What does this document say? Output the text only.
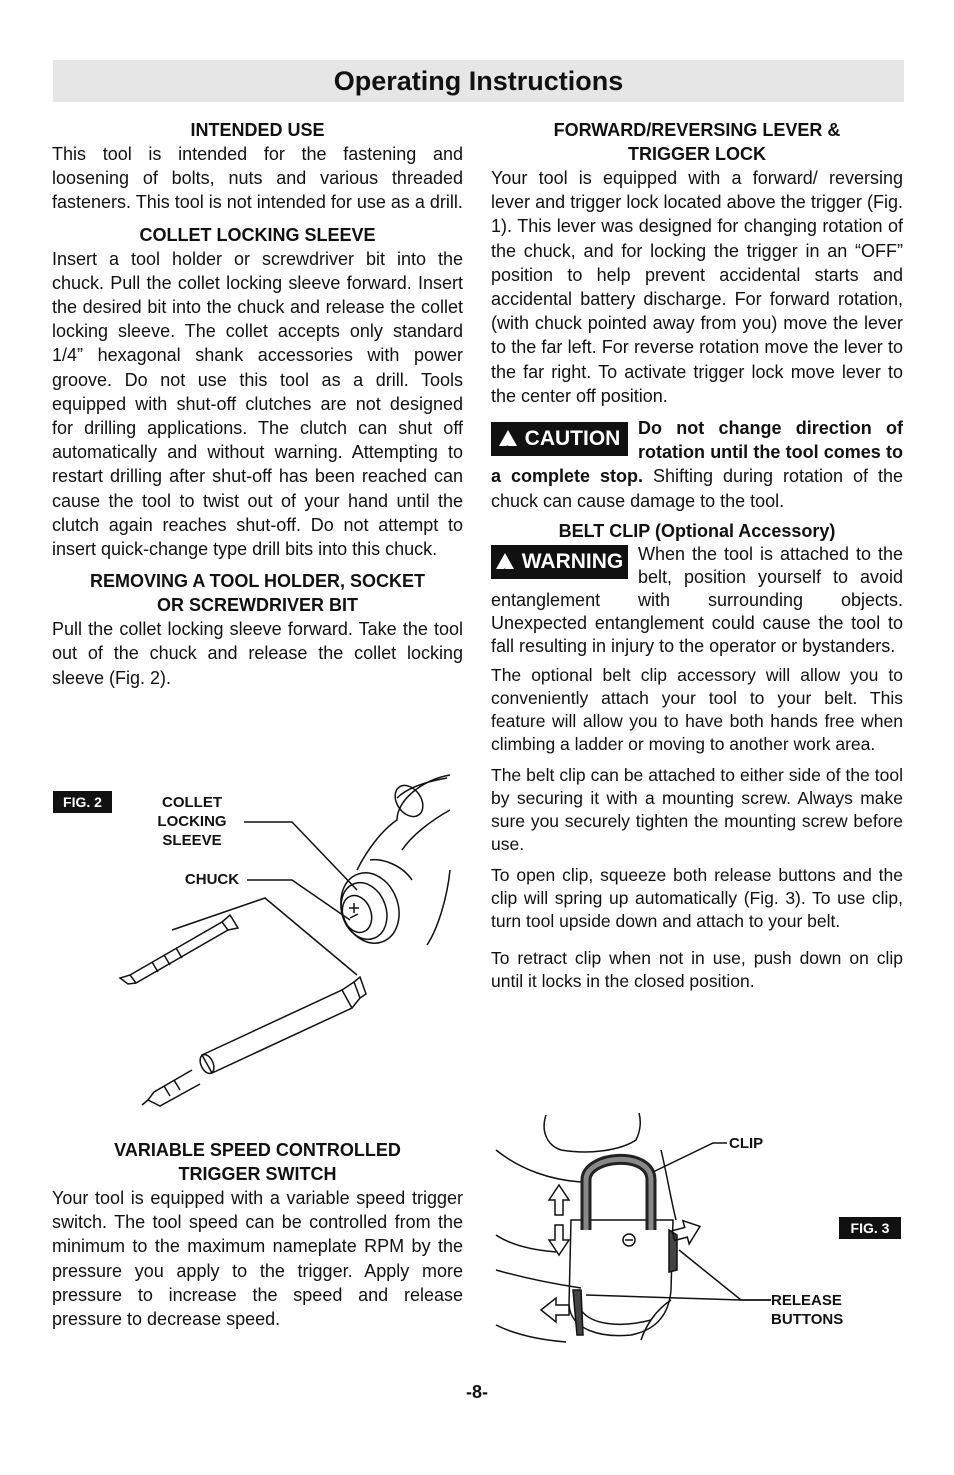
Operating Instructions
INTENDED USE

This tool is intended for the fastening and loosening of bolts, nuts and various threaded fasteners. This tool is not intended for use as a drill.

COLLET LOCKING SLEEVE

Insert a tool holder or screwdriver bit into the chuck. Pull the collet locking sleeve forward. Insert the desired bit into the chuck and release the collet locking sleeve. The collet accepts only standard 1/4” hexagonal shank accessories with power groove. Do not use this tool as a drill. Tools equipped with shut-off clutches are not designed for drilling applications. The clutch can shut off automatically and without warning. Attempting to restart drilling after shut-off has been reached can cause the tool to twist out of your hand until the clutch again reaches shut-off. Do not attempt to insert quick-change type drill bits into this chuck.

REMOVING A TOOL HOLDER, SOCKET
OR SCREWDRIVER BIT

Pull the collet locking sleeve forward. Take the tool out of the chuck and release the collet locking sleeve (Fig. 2).

FIG. 2	COLLET
LOCKING
SLEEVE
CHUCK
VARIABLE SPEED CONTROLLED
TRIGGER SWITCH

Your tool is equipped with a variable speed trigger switch. The tool speed can be controlled from the minimum to the maximum nameplate RPM by the pressure you apply to the trigger. Apply more pressure to increase the speed and release pressure to decrease speed.

FORWARD/REVERSING LEVER &
TRIGGER LOCK

Your tool is equipped with a forward/ reversing lever and trigger lock located above the trigger (Fig. 1). This lever was designed for changing rotation of the chuck, and for locking the trigger in an “OFF” position to help prevent accidental starts and accidental battery discharge. For forward rotation, (with chuck pointed away from you) move the lever to the far left. For reverse rotation move the lever to the far right. To activate trigger lock move lever to the center off position.

! CAUTION Do not change direction of rotation until the tool comes to a complete stop. Shifting during rotation of the chuck can cause damage to the tool.

BELT CLIP (Optional Accessory)
! WARNING When the tool is attached to the belt, position yourself to avoid entanglement with surrounding objects. Unexpected entanglement could cause the tool to fall resulting in injury to the operator or bystanders.

The optional belt clip accessory will allow you to conveniently attach your tool to your belt. This feature will allow you to have both hands free when climbing a ladder or moving to another work area.

The belt clip can be attached to either side of the tool by securing it with a mounting screw. Always make sure you securely tighten the mounting screw before use.

To open clip, squeeze both release buttons and the clip will spring up automatically (Fig. 3). To use clip, turn tool upside down and attach to your belt.

To retract clip when not in use, push down on clip until it locks in the closed position.

CLIP
FIG. 3
RELEASE
BUTTONS
-8-
